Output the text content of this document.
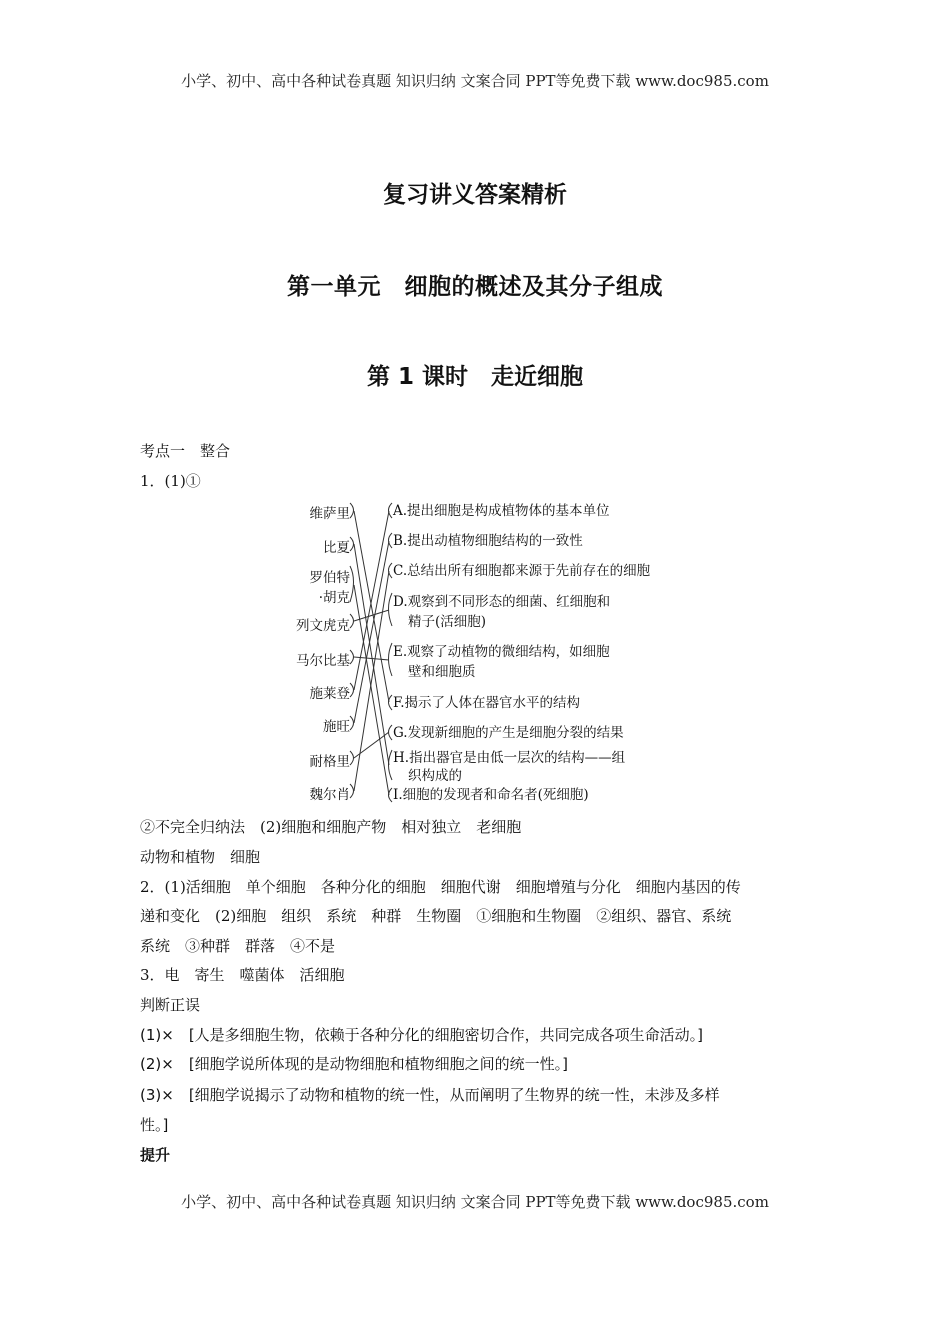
小学、初中、高中各种试卷真题 知识归纳 文案合同 PPT等免费下载 www.doc985.com
复习讲义答案精析
第一单元　细胞的概述及其分子组成
第 1 课时　走近细胞
考点一　整合
1．(1)①
维萨里
比夏
罗伯特
·胡克
列文虎克
马尔比基
施莱登
施旺
耐格里
魏尔肖
A.提出细胞是构成植物体的基本单位
B.提出动植物细胞结构的一致性
C.总结出所有细胞都来源于先前存在的细胞
D.观察到不同形态的细菌、红细胞和
精子(活细胞)
E.观察了动植物的微细结构，如细胞
壁和细胞质
F.揭示了人体在器官水平的结构
G.发现新细胞的产生是细胞分裂的结果
H.指出器官是由低一层次的结构——组
织构成的
I.细胞的发现者和命名者(死细胞)
②不完全归纳法　(2)细胞和细胞产物　相对独立　老细胞
动物和植物　细胞
2．(1)活细胞　单个细胞　各种分化的细胞　细胞代谢　细胞增殖与分化　细胞内基因的传
递和变化　(2)细胞　组织　系统　种群　生物圈　①细胞和生物圈　②组织、器官、系统
系统　③种群　群落　④不是
3．电　寄生　噬菌体　活细胞
判断正误
(1)×　[人是多细胞生物，依赖于各种分化的细胞密切合作，共同完成各项生命活动。]
(2)×　[细胞学说所体现的是动物细胞和植物细胞之间的统一性。]
(3)×　[细胞学说揭示了动物和植物的统一性，从而阐明了生物界的统一性，未涉及多样
性。]
提升
小学、初中、高中各种试卷真题 知识归纳 文案合同 PPT等免费下载 www.doc985.com
